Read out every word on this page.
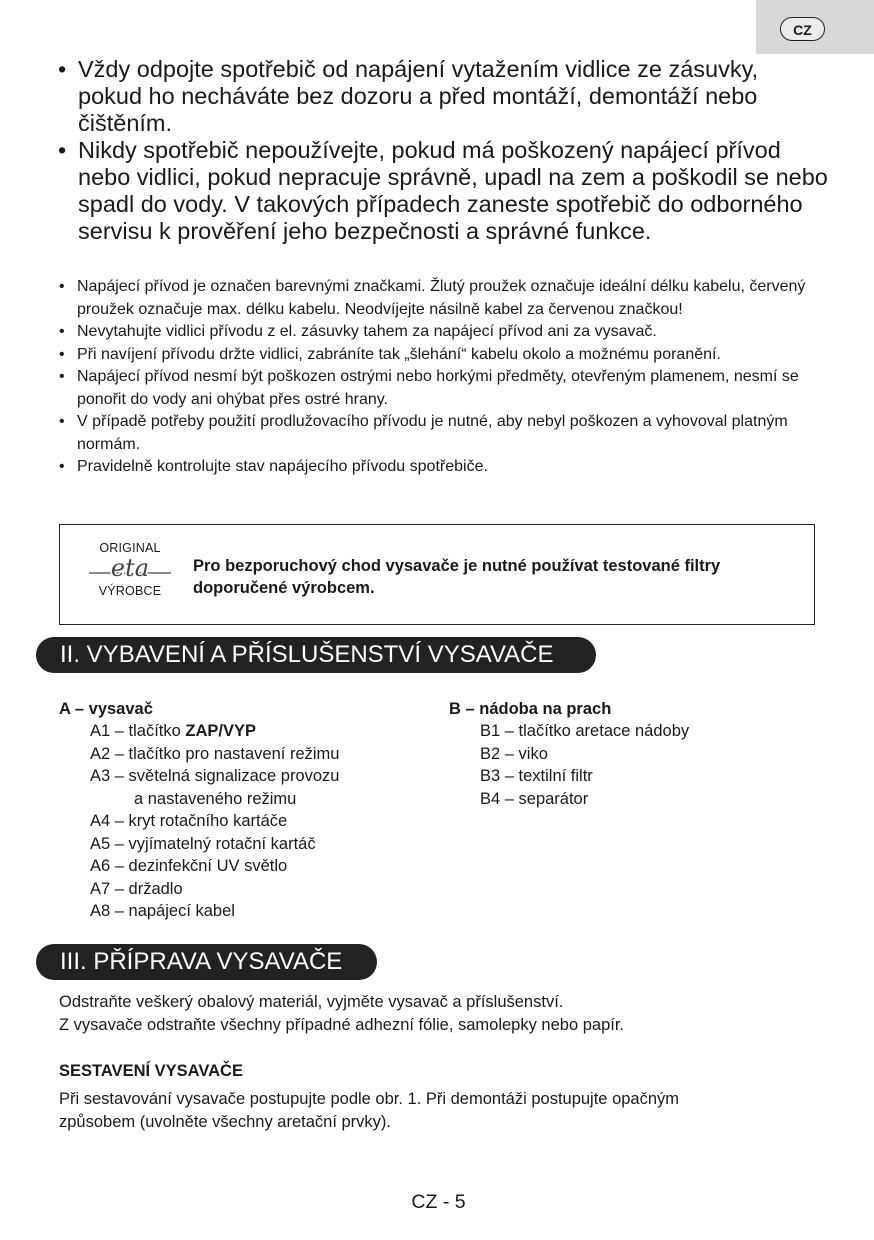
CZ
• Vždy odpojte spotřebič od napájení vytažením vidlice ze zásuvky, pokud ho necháváte bez dozoru a před montáží, demontáží nebo čištěním.
• Nikdy spotřebič nepoužívejte, pokud má poškozený napájecí přívod nebo vidlici, pokud nepracuje správně, upadl na zem a poškodil se nebo spadl do vody. V takových případech zaneste spotřebič do odborného servisu k prověření jeho bezpečnosti a správné funkce.
• Napájecí přívod je označen barevnými značkami. Žlutý proužek označuje ideální délku kabelu, červený proužek označuje max. délku kabelu. Neodvíjejte násilně kabel za červenou značkou!
• Nevytahujte vidlici přívodu z el. zásuvky tahem za napájecí přívod ani za vysavač.
• Při navíjení přívodu držte vidlici, zabráníte tak „šlehání“ kabelu okolo a možnému poranění.
• Napájecí přívod nesmí být poškozen ostrými nebo horkými předměty, otevřeným plamenem, nesmí se ponořit do vody ani ohýbat přes ostré hrany.
• V případě potřeby použití prodlužovacího přívodu je nutné, aby nebyl poškozen a vyhovoval platným normám.
• Pravidelně kontrolujte stav napájecího přívodu spotřebiče.
ORIGINAL
eta
VÝROBCE
Pro bezporuchový chod vysavače je nutné používat testované filtry doporučené výrobcem.
II. VYBAVENÍ A PŘÍSLUŠENSTVÍ VYSAVAČE
A – vysavač
A1 – tlačítko ZAP/VYP
A2 – tlačítko pro nastavení režimu
A3 – světelná signalizace provozu
a nastaveného režimu
A4 – kryt rotačního kartáče
A5 – vyjímatelný rotační kartáč
A6 – dezinfekční UV světlo
A7 – držadlo
A8 – napájecí kabel
B – nádoba na prach
B1 – tlačítko aretace nádoby
B2 – viko
B3 – textilní filtr
B4 – separátor
III. PŘÍPRAVA VYSAVAČE
Odstraňte veškerý obalový materiál, vyjměte vysavač a příslušenství.
Z vysavače odstraňte všechny případné adhezní fólie, samolepky nebo papír.
SESTAVENÍ VYSAVAČE
Při sestavování vysavače postupujte podle obr. 1. Při demontáži postupujte opačným
způsobem (uvolněte všechny aretační prvky).
CZ - 5
